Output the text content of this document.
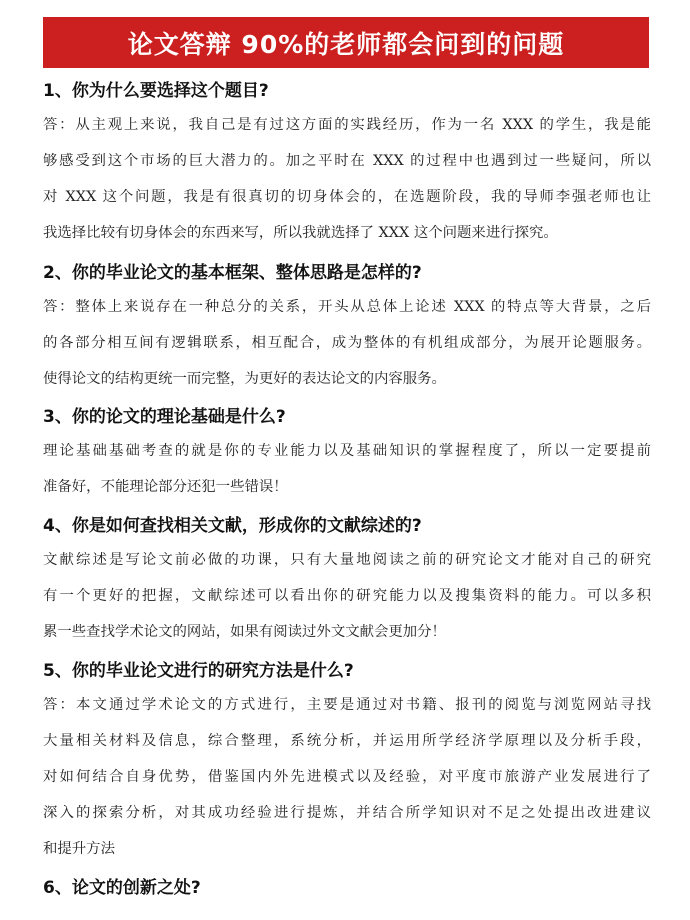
论文答辩 90%的老师都会问到的问题
1、你为什么要选择这个题目?
答：从主观上来说，我自己是有过这方面的实践经历，作为一名 XXX 的学生，我是能
够感受到这个市场的巨大潜力的。加之平时在 XXX 的过程中也遇到过一些疑问，所以
对 XXX 这个问题，我是有很真切的切身体会的，在选题阶段，我的导师李强老师也让
我选择比较有切身体会的东西来写，所以我就选择了 XXX 这个问题来进行探究。
2、你的毕业论文的基本框架、整体思路是怎样的?
答：整体上来说存在一种总分的关系，开头从总体上论述 XXX 的特点等大背景，之后
的各部分相互间有逻辑联系，相互配合，成为整体的有机组成部分，为展开论题服务。
使得论文的结构更统一而完整，为更好的表达论文的内容服务。
3、你的论文的理论基础是什么?
理论基础基础考查的就是你的专业能力以及基础知识的掌握程度了，所以一定要提前
准备好，不能理论部分还犯一些错误！
4、你是如何查找相关文献，形成你的文献综述的?
文献综述是写论文前必做的功课，只有大量地阅读之前的研究论文才能对自己的研究
有一个更好的把握，文献综述可以看出你的研究能力以及搜集资料的能力。可以多积
累一些查找学术论文的网站，如果有阅读过外文文献会更加分！
5、你的毕业论文进行的研究方法是什么?
答：本文通过学术论文的方式进行，主要是通过对书籍、报刊的阅览与浏览网站寻找
大量相关材料及信息，综合整理，系统分析，并运用所学经济学原理以及分析手段，
对如何结合自身优势，借鉴国内外先进模式以及经验，对平度市旅游产业发展进行了
深入的探索分析，对其成功经验进行提炼，并结合所学知识对不足之处提出改进建议
和提升方法
6、论文的创新之处?
